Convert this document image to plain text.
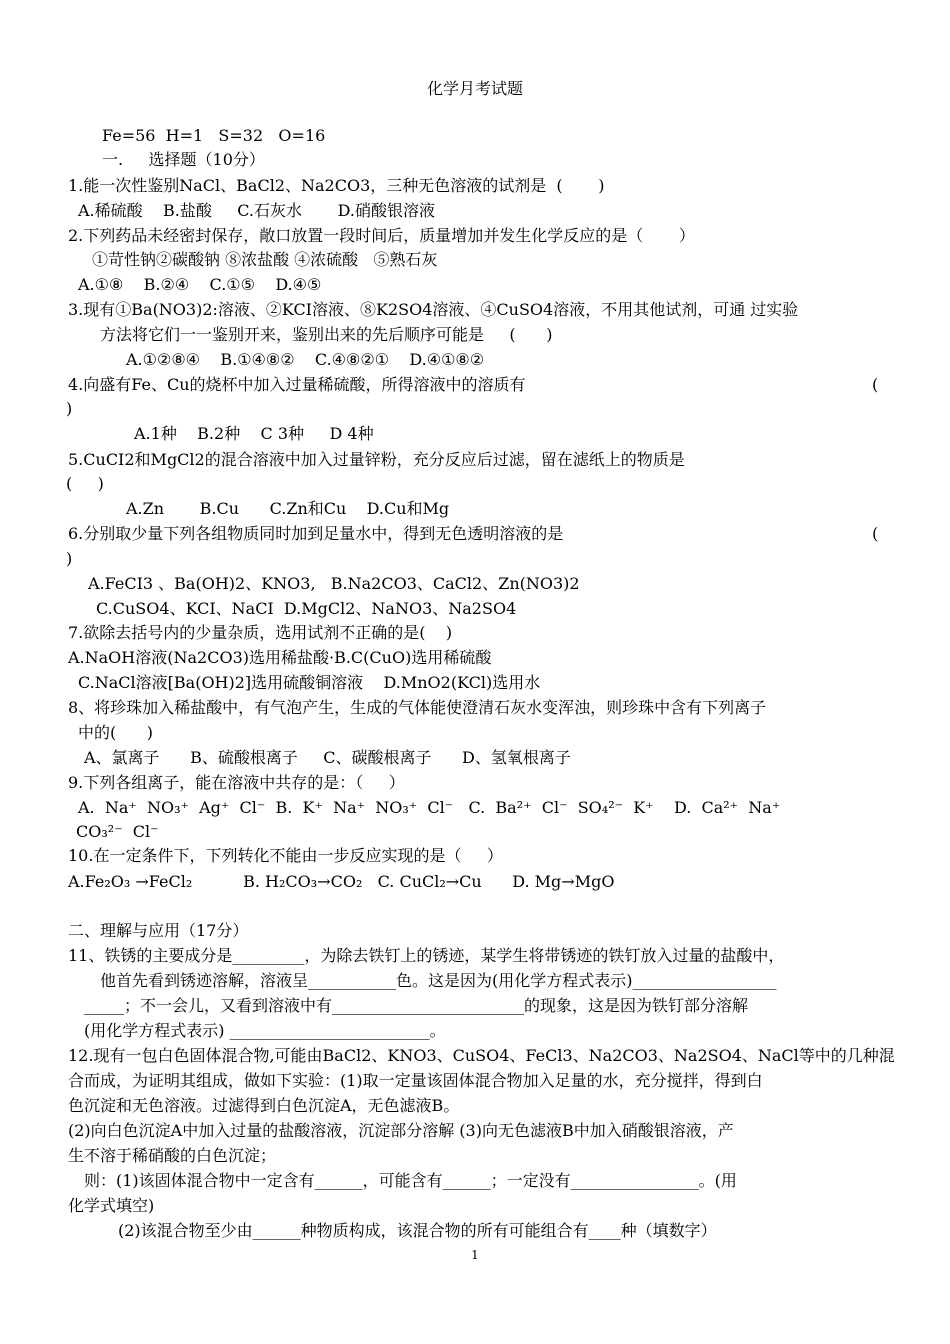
化学月考试题
Fe=56  H=1   S=32   O=16
一.     选择题（10分）
1.能一次性鉴别NaCl、BaCl2、Na2CO3，三种无色溶液的试剂是  (       )
A.稀硫酸    B.盐酸     C.石灰水       D.硝酸银溶液
2.下列药品未经密封保存，敞口放置一段时间后，质量增加并发生化学反应的是（       ）
①苛性钠②碳酸钠 ⑧浓盐酸 ④浓硫酸   ⑤熟石灰
A.①⑧    B.②④    C.①⑤    D.④⑤
3.现有①Ba(NO3)2:溶液、②KCI溶液、⑧K2SO4溶液、④CuSO4溶液，不用其他试剂，可通 过实验
方法将它们一一鉴别开来，鉴别出来的先后顺序可能是     (      )
A.①②⑧④    B.①④⑧②    C.④⑧②①    D.④①⑧②
4.向盛有Fe、Cu的烧杯中加入过量稀硫酸，所得溶液中的溶质有	(
)
A.1种    B.2种    C 3种     D 4种
5.CuCI2和MgCl2的混合溶液中加入过量锌粉，充分反应后过滤，留在滤纸上的物质是
(     )
A.Zn       B.Cu      C.Zn和Cu    D.Cu和Mg
6.分别取少量下列各组物质同时加到足量水中，得到无色透明溶液的是	(
)
A.FeCI3 、Ba(OH)2、KNO3,   B.Na2CO3、CaCl2、Zn(NO3)2
C.CuSO4、KCI、NaCI  D.MgCl2、NaNO3、Na2SO4
7.欲除去括号内的少量杂质，选用试剂不正确的是(    )
A.NaOH溶液(Na2CO3)选用稀盐酸·B.C(CuO)选用稀硫酸
C.NaCl溶液[Ba(OH)2]选用硫酸铜溶液    D.MnO2(KCl)选用水
8、将珍珠加入稀盐酸中，有气泡产生，生成的气体能使澄清石灰水变浑浊，则珍珠中含有下列离子
中的(      )
A、氯离子      B、硫酸根离子     C、碳酸根离子      D、氢氧根离子
9.下列各组离子，能在溶液中共存的是：（     ）
10.在一定条件下，下列转化不能由一步反应实现的是（     ）
二、理解与应用（17分）
11、铁锈的主要成分是_________，为除去铁钉上的锈迹，某学生将带锈迹的铁钉放入过量的盐酸中，
他首先看到锈迹溶解，溶液呈___________色。这是因为(用化学方程式表示)__________________
_____；不一会儿，又看到溶液中有________________________的现象，这是因为铁钉部分溶解
(用化学方程式表示) _________________________。
12.现有一包白色固体混合物,可能由BaCl2、KNO3、CuSO4、FeCl3、Na2CO3、Na2SO4、NaCl等中的几种混
合而成，为证明其组成，做如下实验：(1)取一定量该固体混合物加入足量的水，充分搅拌，得到白
色沉淀和无色溶液。过滤得到白色沉淀A，无色滤液B。
(2)向白色沉淀A中加入过量的盐酸溶液，沉淀部分溶解 (3)向无色滤液B中加入硝酸银溶液，产
生不溶于稀硝酸的白色沉淀；
则：(1)该固体混合物中一定含有______，可能含有______；一定没有________________。(用
化学式填空)
(2)该混合物至少由______种物质构成，该混合物的所有可能组合有____种（填数字）
A.  Na⁺  NO₃⁺  Ag⁺  Cl⁻  B.  K⁺  Na⁺  NO₃⁺  Cl⁻   C.  Ba²⁺  Cl⁻  SO₄²⁻  K⁺    D.  Ca²⁺  Na⁺
CO₃²⁻  Cl⁻
A.Fe₂O₃ →FeCl₂          B. H₂CO₃→CO₂   C. CuCl₂→Cu      D. Mg→MgO
1
